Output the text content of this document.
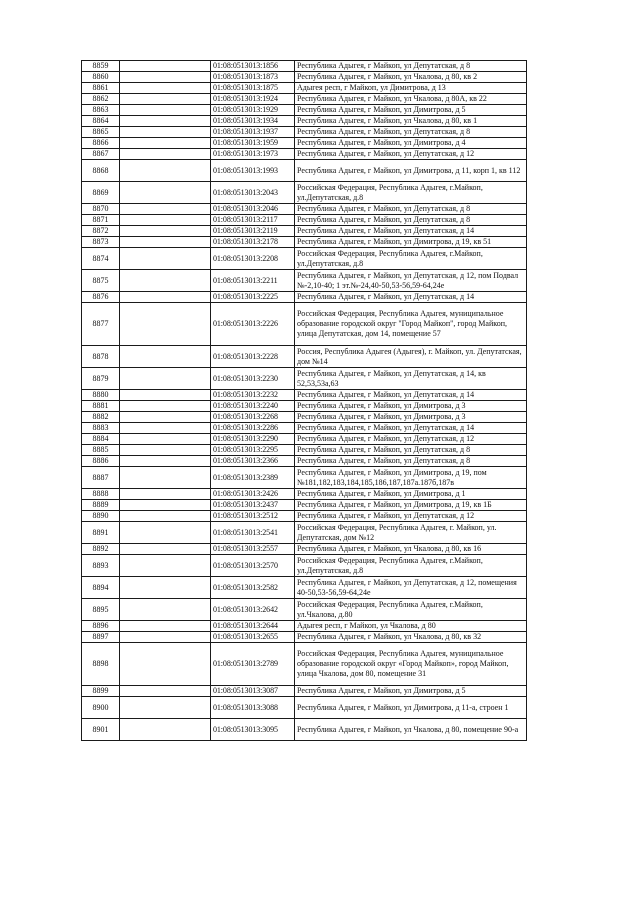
8859		01:08:0513013:1856	Республика Адыгея, г Майкоп, ул Депутатская, д 8
8860		01:08:0513013:1873	Республика Адыгея, г Майкоп, ул Чкалова, д 80, кв 2
8861		01:08:0513013:1875	Адыгея респ, г Майкоп, ул Димитрова, д 13
8862		01:08:0513013:1924	Республика Адыгея, г Майкоп, ул Чкалова, д 80А, кв 22
8863		01:08:0513013:1929	Республика Адыгея, г Майкоп, ул Димитрова, д 5
8864		01:08:0513013:1934	Республика Адыгея, г Майкоп, ул Чкалова, д 80, кв 1
8865		01:08:0513013:1937	Республика Адыгея, г Майкоп, ул Депутатская, д 8
8866		01:08:0513013:1959	Республика Адыгея, г Майкоп, ул Димитрова, д 4
8867		01:08:0513013:1973	Республика Адыгея, г Майкоп, ул Депутатская, д 12
8868		01:08:0513013:1993	Республика Адыгея, г Майкоп, ул Димитрова, д 11, корп 1, кв 112
8869		01:08:0513013:2043	Российская Федерация, Республика Адыгея, г.Майкоп, ул.Депутатская, д.8
8870		01:08:0513013:2046	Республика Адыгея, г Майкоп, ул Депутатская, д 8
8871		01:08:0513013:2117	Республика Адыгея, г Майкоп, ул Депутатская, д 8
8872		01:08:0513013:2119	Республика Адыгея, г Майкоп, ул Депутатская, д 14
8873		01:08:0513013:2178	Республика Адыгея, г Майкоп, ул Димитрова, д 19, кв 51
8874		01:08:0513013:2208	Российская Федерация, Республика Адыгея, г.Майкоп, ул.Депутатская, д.8
8875		01:08:0513013:2211	Республика Адыгея, г Майкоп, ул Депутатская, д 12, пом Подвал №-2,10-40; 1 эт.№-24,40-50,53-56,59-64,24е
8876		01:08:0513013:2225	Республика Адыгея, г Майкоп, ул Депутатская, д 14
8877		01:08:0513013:2226	Российская Федерация, Республика Адыгея, муниципальное образование городской округ "Город Майкоп", город Майкоп, улица Депутатская, дом 14, помещение 57
8878		01:08:0513013:2228	Россия, Республика Адыгея (Адыгея), г. Майкоп, ул. Депутатская, дом №14
8879		01:08:0513013:2230	Республика Адыгея, г Майкоп, ул Депутатская, д 14, кв 52,53,53а,63
8880		01:08:0513013:2232	Республика Адыгея, г Майкоп, ул Депутатская, д 14
8881		01:08:0513013:2240	Республика Адыгея, г Майкоп, ул Димитрова, д 3
8882		01:08:0513013:2268	Республика Адыгея, г Майкоп, ул Димитрова, д 3
8883		01:08:0513013:2286	Республика Адыгея, г Майкоп, ул Депутатская, д 14
8884		01:08:0513013:2290	Республика Адыгея, г Майкоп, ул Депутатская, д 12
8885		01:08:0513013:2295	Республика Адыгея, г Майкоп, ул Депутатская, д 8
8886		01:08:0513013:2366	Республика Адыгея, г Майкоп, ул Депутатская, д 8
8887		01:08:0513013:2389	Республика Адыгея, г Майкоп, ул Димитрова, д 19, пом №181,182,183,184,185,186,187,187а.187б,187в
8888		01:08:0513013:2426	Республика Адыгея, г Майкоп, ул Димитрова, д 1
8889		01:08:0513013:2437	Республика Адыгея, г Майкоп, ул Димитрова, д 19, кв 1Б
8890		01:08:0513013:2512	Республика Адыгея, г Майкоп, ул Депутатская, д 12
8891		01:08:0513013:2541	Российская Федерация, Республика Адыгея, г. Майкоп, ул. Депутатская, дом №12
8892		01:08:0513013:2557	Республика Адыгея, г Майкоп, ул Чкалова, д 80, кв 16
8893		01:08:0513013:2570	Российская Федерация, Республика Адыгея, г.Майкоп, ул.Депутатская, д.8
8894		01:08:0513013:2582	Республика Адыгея, г Майкоп, ул Депутатская, д 12, помещения 40-50,53-56,59-64,24е
8895		01:08:0513013:2642	Российская Федерация, Республика Адыгея, г.Майкоп, ул.Чкалова, д.80
8896		01:08:0513013:2644	Адыгея респ, г Майкоп, ул Чкалова, д 80
8897		01:08:0513013:2655	Республика Адыгея, г Майкоп, ул Чкалова, д 80, кв 32
8898		01:08:0513013:2789	Российская Федерация, Республика Адыгея, муниципальное образование городской округ «Город Майкоп», город Майкоп, улица Чкалова, дом 80, помещение 31
8899		01:08:0513013:3087	Республика Адыгея, г Майкоп, ул Димитрова, д 5
8900		01:08:0513013:3088	Республика Адыгея, г Майкоп, ул Димитрова, д 11-а, строен 1
8901		01:08:0513013:3095	Республика Адыгея, г Майкоп, ул Чкалова, д 80, помещение 90-а
